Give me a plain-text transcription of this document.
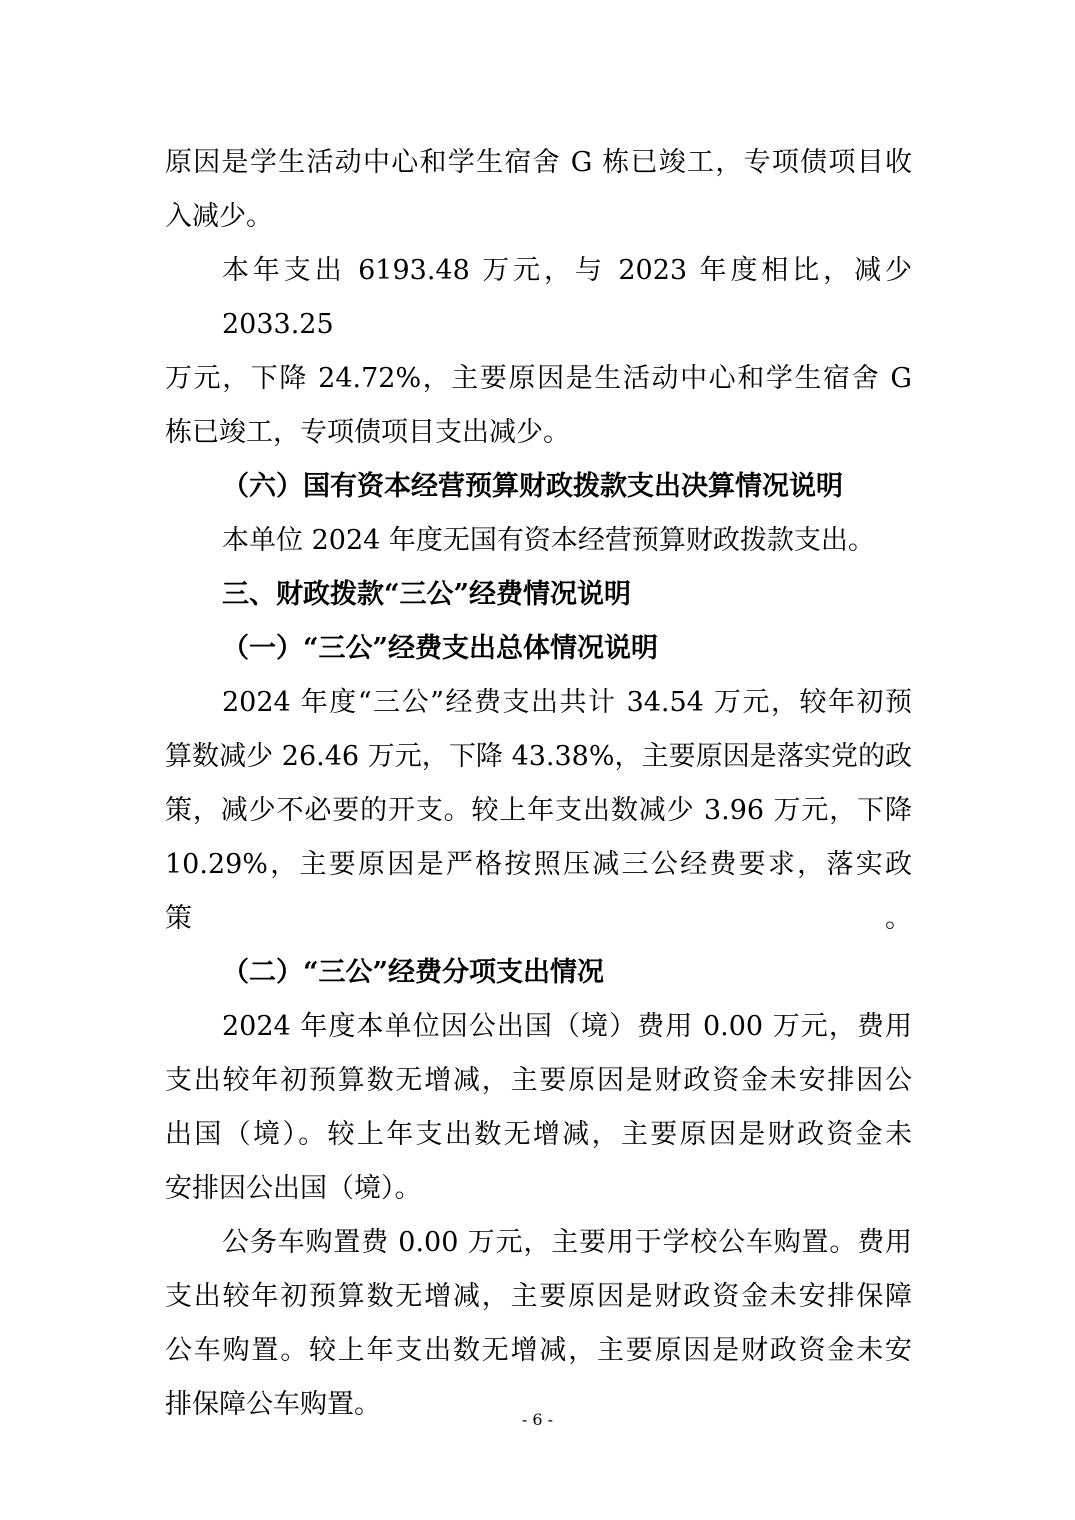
原因是学生活动中心和学生宿舍 G 栋已竣工，专项债项目收
入减少。
本年支出 6193.48 万元，与 2023 年度相比，减少 2033.25
万元，下降 24.72%，主要原因是生活动中心和学生宿舍 G
栋已竣工，专项债项目支出减少。
（六）国有资本经营预算财政拨款支出决算情况说明
本单位 2024 年度无国有资本经营预算财政拨款支出。
三、财政拨款“三公”经费情况说明
（一）“三公”经费支出总体情况说明
2024 年度“三公”经费支出共计 34.54 万元，较年初预
算数减少 26.46 万元，下降 43.38%，主要原因是落实党的政
策，减少不必要的开支。较上年支出数减少 3.96 万元，下降
10.29%，主要原因是严格按照压减三公经费要求，落实政策。
（二）“三公”经费分项支出情况
2024 年度本单位因公出国（境）费用 0.00 万元，费用
支出较年初预算数无增减，主要原因是财政资金未安排因公
出国（境）。较上年支出数无增减，主要原因是财政资金未
安排因公出国（境）。
公务车购置费 0.00 万元，主要用于学校公车购置。费用
支出较年初预算数无增减，主要原因是财政资金未安排保障
公车购置。较上年支出数无增减，主要原因是财政资金未安
排保障公车购置。	- 6 -
